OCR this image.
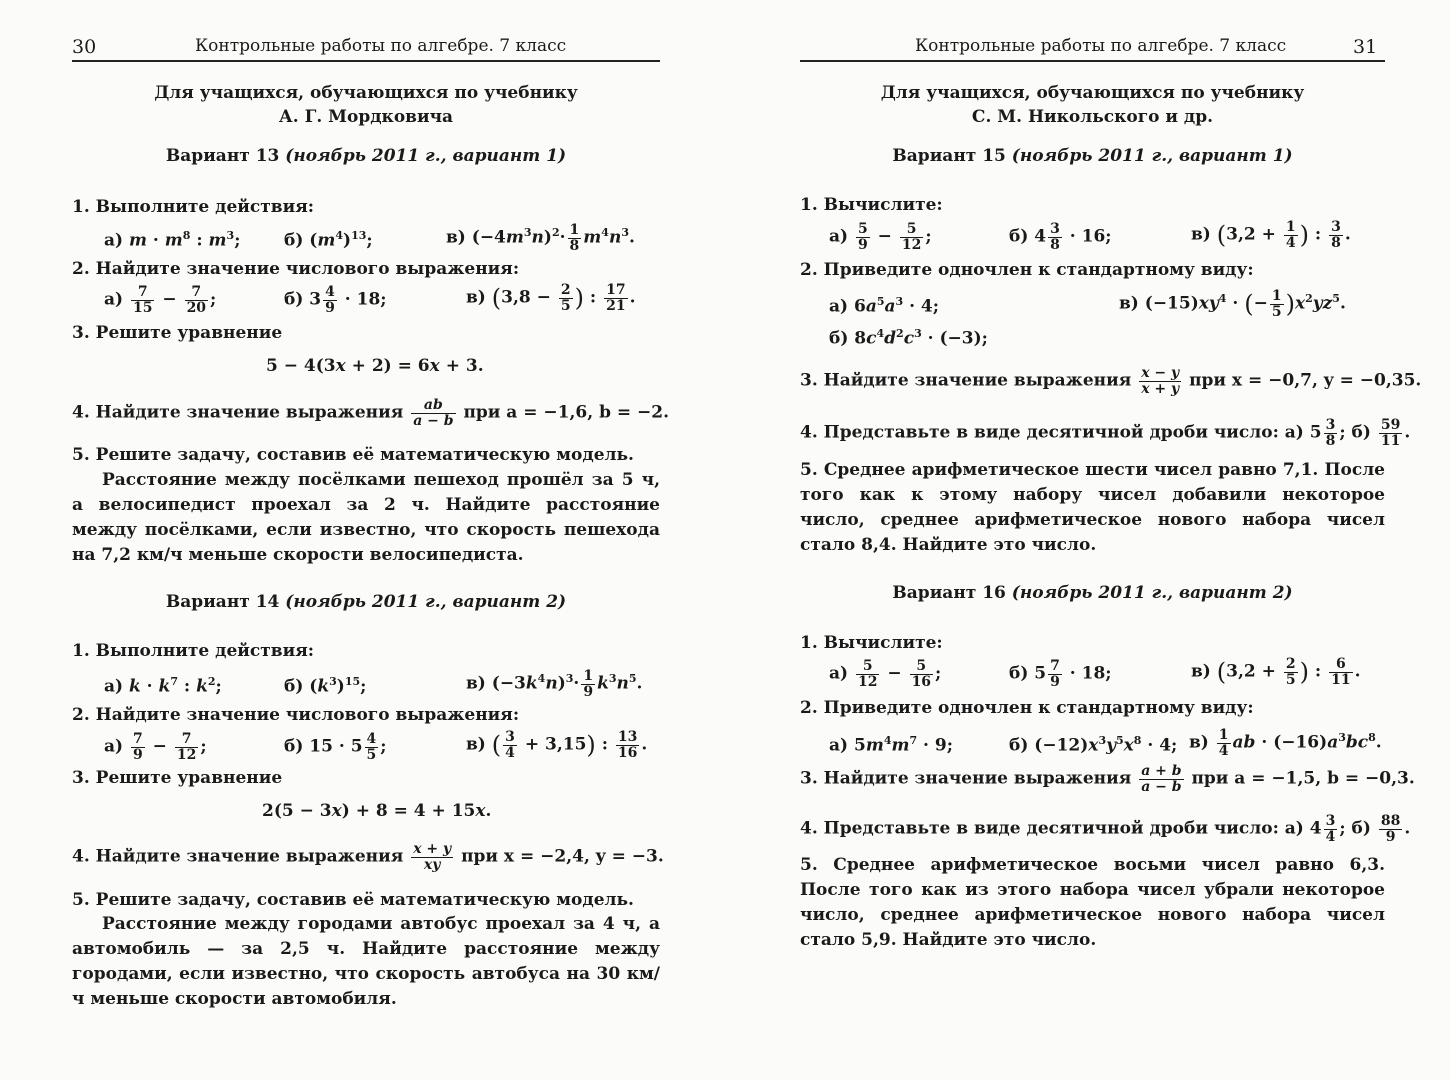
30	Контрольные работы по алгебре. 7 класс
Для учащихся, обучающихся по учебнику
А. Г. Мордковича
Вариант 13 (ноябрь 2011 г., вариант 1)
1. Выполните действия:
а) $m \cdot m^8$ : $m^3$;	б) $(m^4)^{13}$;	в) $(-4m^3n)^2\cdot \frac{1}{8} m^4n^3$.
2. Найдите значение числового выражения:
$а) \frac{7}{15} - \frac{7}{20}$ ;	б) $3 \frac{4}{9} \cdot 18$;	в) ($3,8 - \frac{2}{5}$ ) : $\frac{17}{21}$ .
3. Решите уравнение
5 − 4(3x + 2) = 6x + 3.
4. Найдите значение выражения $\frac{ab}{a - b}$ при a = −1,6, b = −2.
5. Решите задачу, составив её математическую модель.
Расстояние между посёлками пешеход прошёл за 5 ч, а велосипедист проехал за 2 ч. Найдите расстояние между посёлками, если известно, что скорость пешехода на 7,2 км/ч меньше скорости велосипедиста.
Вариант 14 (ноябрь 2011 г., вариант 2)
1. Выполните действия:
а) $k \cdot k^7$ : $k^2$;	б) $(k^3)^{15}$;	в) $(-3k^4n)^3\cdot \frac{1}{9} k^3n^5$.
2. Найдите значение числового выражения:
$а) \frac{7}{9} - \frac{7}{12}$ ;	б) $15 \cdot 5 \frac{4}{5}$ ;	в) ( $\frac{3}{4} + 3,15$) : $\frac{13}{16}$ .
3. Решите уравнение
2(5 − 3x) + 8 = 4 + 15x.
4. Найдите значение выражения $\frac{x + y}{xy}$ при x = −2,4, y = −3.
5. Решите задачу, составив её математическую модель.
Расстояние между городами автобус проехал за 4 ч, а автомобиль — за 2,5 ч. Найдите расстояние между городами, если известно, что скорость автобуса на 30 км/ч меньше скорости автомобиля.
Контрольные работы по алгебре. 7 класс	31
Для учащихся, обучающихся по учебнику
С. М. Никольского и др.
Вариант 15 (ноябрь 2011 г., вариант 1)
1. Вычислите:
$а) \frac{5}{9} - \frac{5}{12}$ ;	б) $4 \frac{3}{8} \cdot 16$;	в) ($3,2 + \frac{1}{4}$ ) : $\frac{3}{8}$ .
2. Приведите одночлен к стандартному виду:
а) $6a^5a^3 \cdot 4$;	в) $(-15)xy^4$ · (− $\frac{1}{5} )x^2yz^5$.
б) $8c^4d^2c^3 \cdot (-3)$;
3. Найдите значение выражения $\frac{x - y}{x + y}$ при x = −0,7, y = −0,35.
4. Представьте в виде десятичной дроби число: а) $5 \frac{3}{8}$ ; $б) \frac{59}{11}$ .
5. Среднее арифметическое шести чисел равно 7,1. После того как к этому набору чисел добавили некоторое число, среднее арифметическое нового набора чисел стало 8,4. Найдите это число.
Вариант 16 (ноябрь 2011 г., вариант 2)
1. Вычислите:
$а) \frac{5}{12} - \frac{5}{16}$ ;	б) $5 \frac{7}{9} \cdot 18$;	в) ($3,2 + \frac{2}{5}$ ) : $\frac{6}{11}$ .
2. Приведите одночлен к стандартному виду:
а) $5m^4m^7 \cdot 9$;	б) $(-12)x^3y^5x^8 \cdot 4$; $в) \frac{1}{4}$ ab · $(-16)a^3bc^8$.
3. Найдите значение выражения $\frac{a + b}{a - b}$ при a = −1,5, b = −0,3.
4. Представьте в виде десятичной дроби число: а) $4 \frac{3}{4}$ ; $б) \frac{88}{9}$ .
5. Среднее арифметическое восьми чисел равно 6,3. После того как из этого набора чисел убрали некоторое число, среднее арифметическое нового набора чисел стало 5,9. Найдите это число.
